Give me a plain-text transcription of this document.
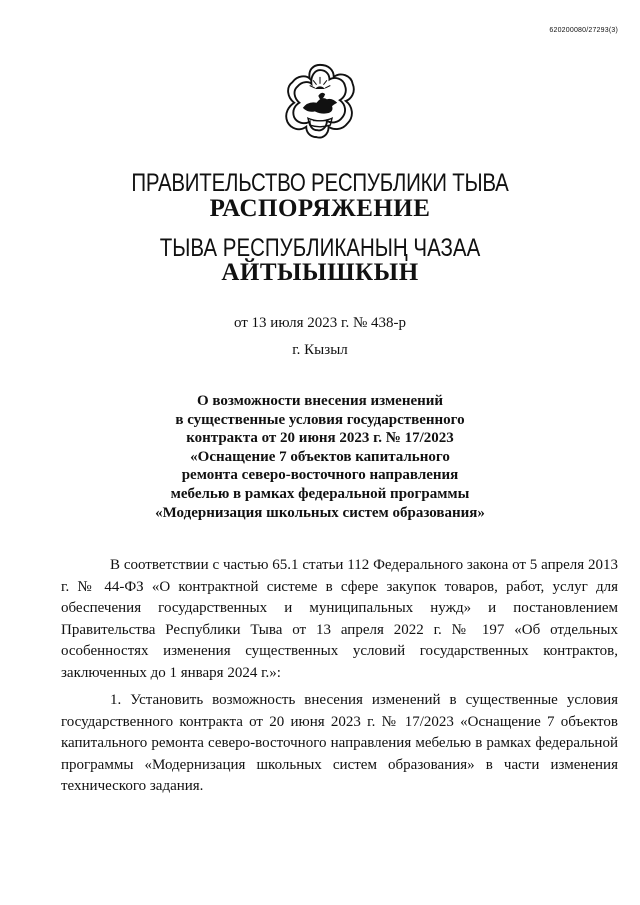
620200080/27293(3)
ПРАВИТЕЛЬСТВО РЕСПУБЛИКИ ТЫВА
РАСПОРЯЖЕНИЕ
ТЫВА РЕСПУБЛИКАНЫҢ ЧАЗАА
АЙТЫЫШКЫН
от 13 июля 2023 г. № 438-р
г. Кызыл
О возможности внесения изменений
в существенные условия государственного
контракта от 20 июня 2023 г. № 17/2023
«Оснащение 7 объектов капитального
ремонта северо-восточного направления
мебелью в рамках федеральной программы
«Модернизация школьных систем образования»
В соответствии с частью 65.1 статьи 112 Федерального закона от 5 апреля 2013 г. № 44-ФЗ «О контрактной системе в сфере закупок товаров, работ, услуг для обеспечения государственных и муниципальных нужд» и постановлением Правительства Республики Тыва от 13 апреля 2022 г. № 197 «Об отдельных особенностях изменения существенных условий государственных контрактов, заключенных до 1 января 2024 г.»:
1. Установить возможность внесения изменений в существенные условия государственного контракта от 20 июня 2023 г. № 17/2023 «Оснащение 7 объектов капитального ремонта северо-восточного направления мебелью в рамках федеральной программы «Модернизация школьных систем образования» в части изменения технического задания.
